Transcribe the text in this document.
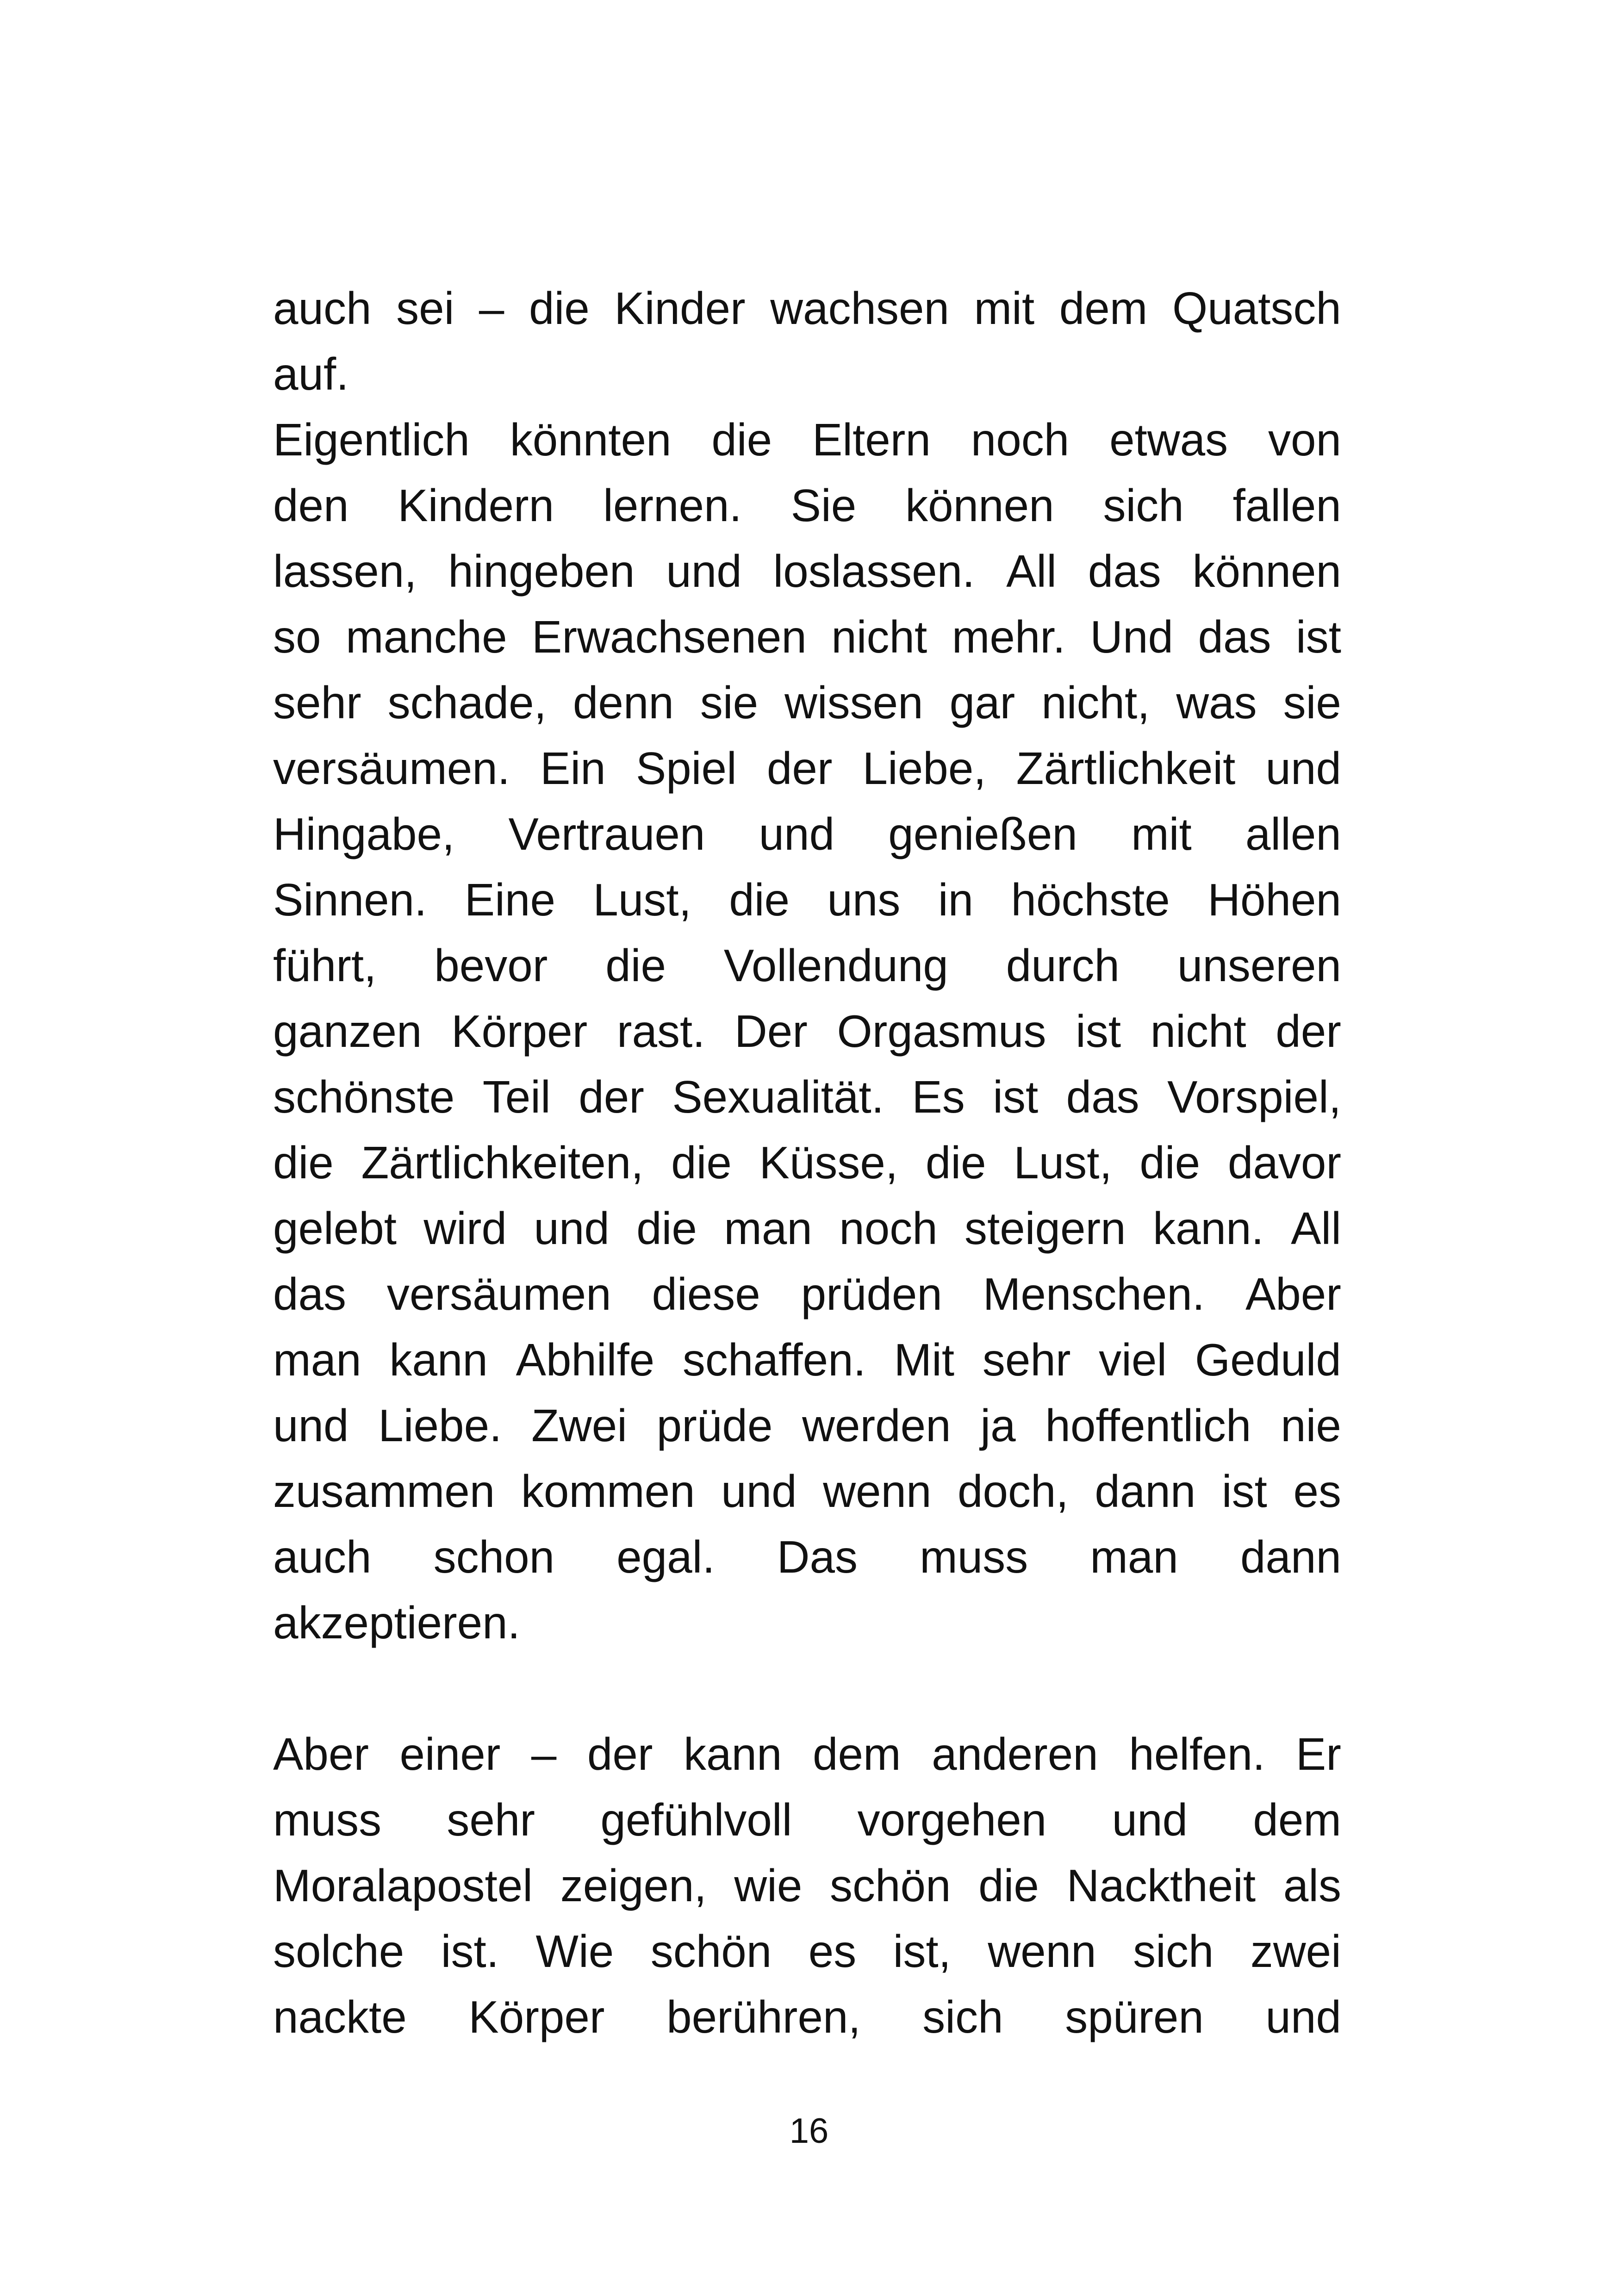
auch sei – die Kinder wachsen mit dem Quatsch
auf.
Eigentlich könnten die Eltern noch etwas von
den Kindern lernen. Sie können sich fallen
lassen, hingeben und loslassen. All das können
so manche Erwachsenen nicht mehr. Und das ist
sehr schade, denn sie wissen gar nicht, was sie
versäumen. Ein Spiel der Liebe, Zärtlichkeit und
Hingabe, Vertrauen und genießen mit allen
Sinnen. Eine Lust, die uns in höchste Höhen
führt, bevor die Vollendung durch unseren
ganzen Körper rast. Der Orgasmus ist nicht der
schönste Teil der Sexualität. Es ist das Vorspiel,
die Zärtlichkeiten, die Küsse, die Lust, die davor
gelebt wird und die man noch steigern kann. All
das versäumen diese prüden Menschen. Aber
man kann Abhilfe schaffen. Mit sehr viel Geduld
und Liebe. Zwei prüde werden ja hoffentlich nie
zusammen kommen und wenn doch, dann ist es
auch schon egal. Das muss man dann
akzeptieren.
Aber einer – der kann dem anderen helfen. Er
muss sehr gefühlvoll vorgehen und dem
Moralapostel zeigen, wie schön die Nacktheit als
solche ist. Wie schön es ist, wenn sich zwei
nackte Körper berühren, sich spüren und
16
